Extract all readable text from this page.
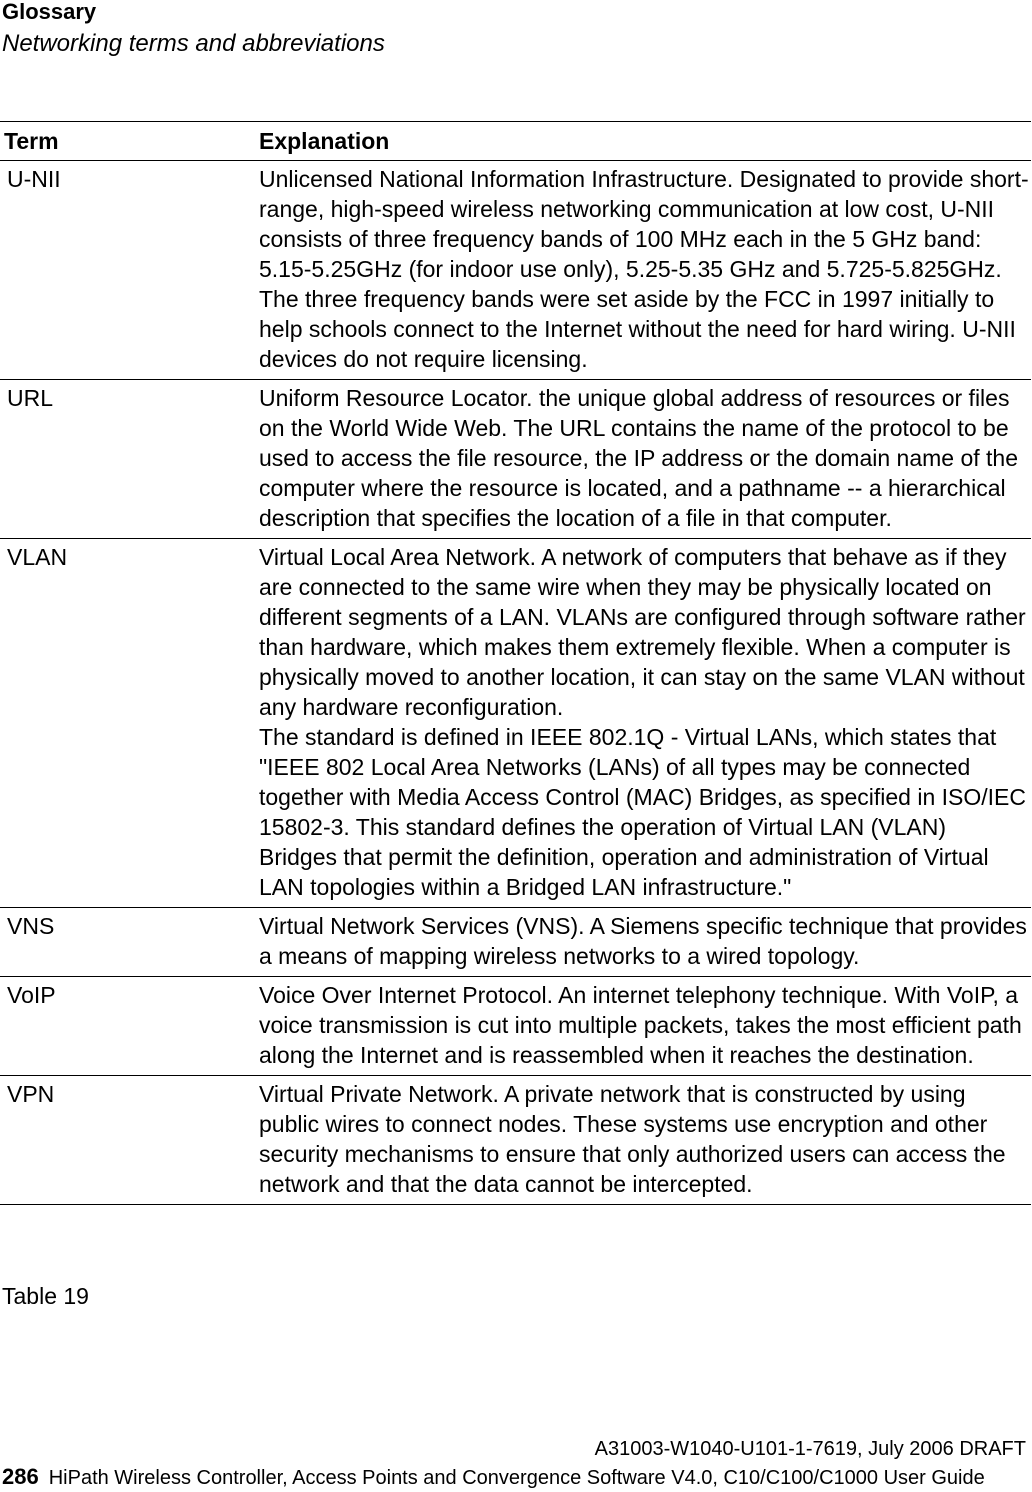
Glossary
Networking terms and abbreviations
Term	Explanation
U-NII	Unlicensed National Information Infrastructure. Designated to provide short-range, high-speed wireless networking communication at low cost, U-NII consists of three frequency bands of 100 MHz each in the 5 GHz band: 5.15-5.25GHz (for indoor use only), 5.25-5.35 GHz and 5.725-5.825GHz. The three frequency bands were set aside by the FCC in 1997 initially to help schools connect to the Internet without the need for hard wiring. U-NII devices do not require licensing.

URL	Uniform Resource Locator. the unique global address of resources or files on the World Wide Web. The URL contains the name of the protocol to be used to access the file resource, the IP address or the domain name of the computer where the resource is located, and a pathname -- a hierarchical description that specifies the location of a file in that computer.

VLAN	Virtual Local Area Network. A network of computers that behave as if they are connected to the same wire when they may be physically located on different segments of a LAN. VLANs are configured through software rather than hardware, which makes them extremely flexible. When a computer is physically moved to another location, it can stay on the same VLAN without any hardware reconfiguration.

The standard is defined in IEEE 802.1Q - Virtual LANs, which states that "IEEE 802 Local Area Networks (LANs) of all types may be connected together with Media Access Control (MAC) Bridges, as specified in ISO/IEC 15802-3. This standard defines the operation of Virtual LAN (VLAN) Bridges that permit the definition, operation and administration of Virtual LAN topologies within a Bridged LAN infrastructure."

VNS	Virtual Network Services (VNS). A Siemens specific technique that provides a means of mapping wireless networks to a wired topology.

VoIP	Voice Over Internet Protocol. An internet telephony technique. With VoIP, a voice transmission is cut into multiple packets, takes the most efficient path along the Internet and is reassembled when it reaches the destination.

VPN	Virtual Private Network. A private network that is constructed by using public wires to connect nodes. These systems use encryption and other security mechanisms to ensure that only authorized users can access the network and that the data cannot be intercepted.

Table 19
A31003-W1040-U101-1-7619, July 2006 DRAFT
286 HiPath Wireless Controller, Access Points and Convergence Software V4.0, C10/C100/C1000 User Guide
